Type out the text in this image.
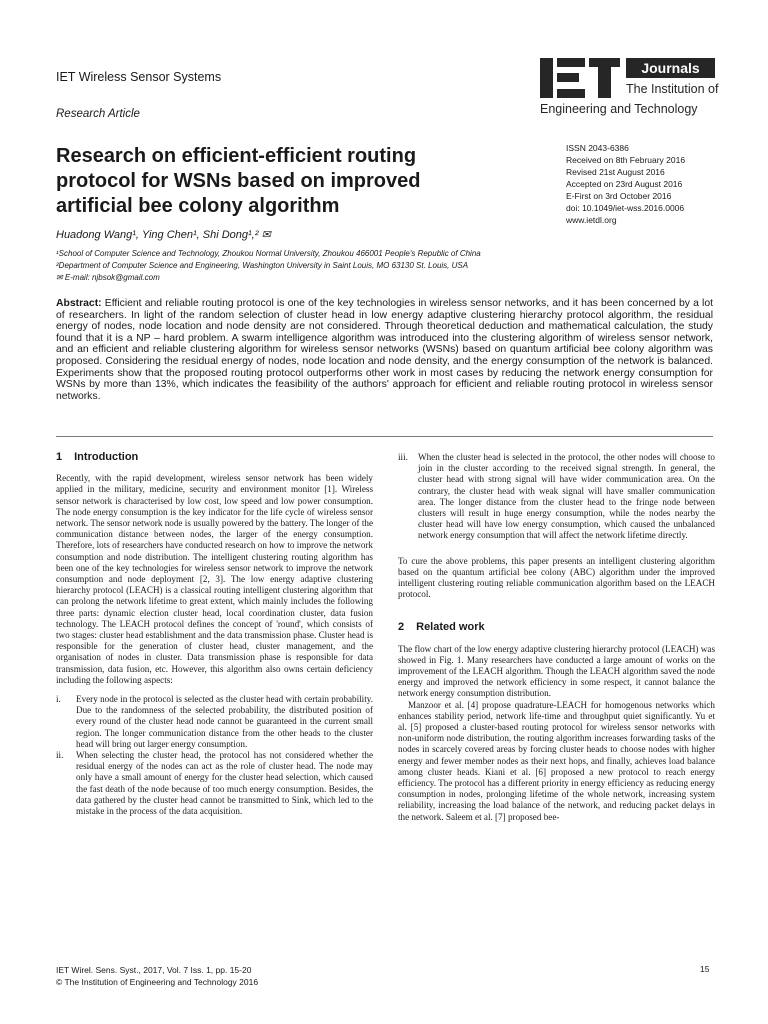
IET Wireless Sensor Systems
Research Article
Journals
The Institution of
Engineering and Technology
Research on efficient-efficient routing protocol for WSNs based on improved artificial bee colony algorithm
ISSN 2043-6386
Received on 8th February 2016
Revised 21st August 2016
Accepted on 23rd August 2016
E-First on 3rd October 2016
doi: 10.1049/iet-wss.2016.0006
www.ietdl.org
Huadong Wang¹, Ying Chen¹, Shi Dong¹,² ✉
¹School of Computer Science and Technology, Zhoukou Normal University, Zhoukou 466001 People's Republic of China
²Department of Computer Science and Engineering, Washington University in Saint Louis, MO 63130 St. Louis, USA
✉ E-mail: njbsok@gmail.com
Abstract: Efficient and reliable routing protocol is one of the key technologies in wireless sensor networks, and it has been concerned by a lot of researchers. In light of the random selection of cluster head in low energy adaptive clustering hierarchy protocol algorithm, the residual energy of nodes, node location and node density are not considered. Through theoretical deduction and mathematical calculation, the study found that it is a NP – hard problem. A swarm intelligence algorithm was introduced into the clustering algorithm of wireless sensor network, and an efficient and reliable clustering algorithm for wireless sensor networks (WSNs) based on quantum artificial bee colony algorithm was proposed. Considering the residual energy of nodes, node location and node density, and the energy consumption of the network is balanced. Experiments show that the proposed routing protocol outperforms other work in most cases by reducing the network energy consumption for WSNs by more than 13%, which indicates the feasibility of the authors' approach for efficient and reliable routing protocol in wireless sensor networks.
1 Introduction

Recently, with the rapid development, wireless sensor network has been widely applied in the military, medicine, security and environment monitor [1]. Wireless sensor network is characterised by low cost, low speed and low power consumption. The node energy consumption is the key indicator for the life cycle of wireless sensor network. The sensor network node is usually powered by the battery. The longer of the communication distance between nodes, the larger of the energy consumption. Therefore, lots of researchers have conducted research on how to improve the network consumption and node distribution. The intelligent clustering routing algorithm has been one of the key technologies for wireless sensor network to improve the network consumption and node deployment [2, 3]. The low energy adaptive clustering hierarchy protocol (LEACH) is a classical routing intelligent clustering algorithm that can prolong the network lifetime to great extent, which mainly includes the following three parts: dynamic election cluster head, local coordination cluster, data fusion technology. The LEACH protocol defines the concept of 'round', which consists of two stages: cluster head establishment and the data transmission phase. Cluster head is responsible for the generation of cluster head, cluster management, and the organisation of nodes in cluster. Data transmission phase is responsible for data transmission, data fusion, etc. However, this algorithm also owns certain deficiency including the following aspects:

i. Every node in the protocol is selected as the cluster head with certain probability. Due to the randomness of the selected probability, the distributed position of every round of the cluster head node cannot be guaranteed in the current small region. The longer communication distance from the other heads to the cluster head will bring out larger energy consumption.
ii. When selecting the cluster head, the protocol has not considered whether the residual energy of the nodes can act as the role of cluster head. The node may only have a small amount of energy for the cluster head selection, which caused the fast death of the node because of too much energy consumption. Besides, the data gathered by the cluster head cannot be transmitted to Sink, which led to the mistake in the process of the data acquisition.
iii. When the cluster head is selected in the protocol, the other nodes will choose to join in the cluster according to the received signal strength. In general, the cluster head with strong signal will have wider communication area. On the contrary, the cluster head with weak signal will have smaller communication area. The longer distance from the cluster head to the fringe node between clusters will result in huge energy consumption, while the nodes nearby the cluster head will have low energy consumption, which caused the unbalanced network energy consumption that will affect the network lifetime directly.

To cure the above problems, this paper presents an intelligent clustering algorithm based on the quantum artificial bee colony (ABC) algorithm under the improved intelligent clustering routing reliable communication algorithm based on the LEACH protocol.

2 Related work

The flow chart of the low energy adaptive clustering hierarchy protocol (LEACH) was showed in Fig. 1. Many researchers have conducted a large amount of works on the improvement of the LEACH algorithm. Though the LEACH algorithm saved the node energy and improved the network efficiency in some respect, it cannot balance the network energy consumption distribution.

Manzoor et al. [4] propose quadrature-LEACH for homogenous networks which enhances stability period, network life-time and throughput quiet significantly. Yu et al. [5] proposed a cluster-based routing protocol for wireless sensor networks with non-uniform node distribution, the routing algorithm increases forwarding tasks of the nodes in scarcely covered areas by forcing cluster heads to choose nodes with higher energy and fewer member nodes as their next hops, and finally, achieves load balance among cluster heads. Kiani et al. [6] proposed a new protocol to reach energy efficiency. The protocol has a different priority in energy efficiency as reducing energy consumption in nodes, prolonging lifetime of the whole network, increasing system reliability, increasing the load balance of the network, and reducing packet delays in the network. Saleem et al. [7] proposed bee-

IET Wirel. Sens. Syst., 2017, Vol. 7 Iss. 1, pp. 15-20
© The Institution of Engineering and Technology 2016
15
